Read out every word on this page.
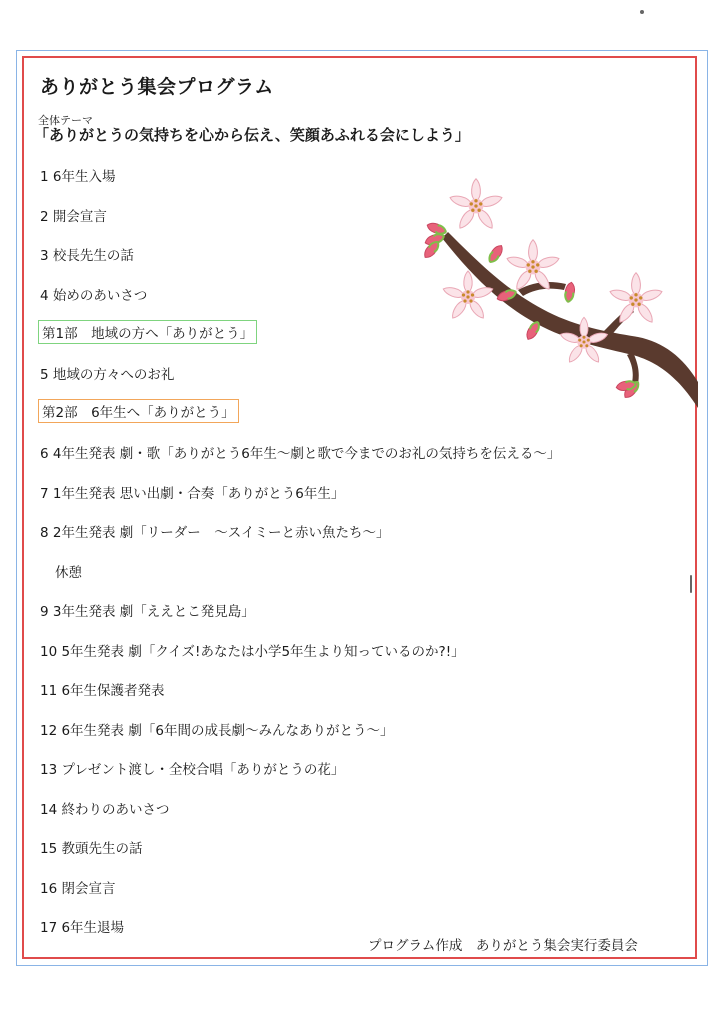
ありがとう集会プログラム
全体テーマ
「ありがとうの気持ちを心から伝え、笑顔あふれる会にしよう」
1 6年生入場
2 開会宣言
3 校長先生の話
4 始めのあいさつ
第1部　地域の方へ「ありがとう」
5 地域の方々へのお礼
第2部　6年生へ「ありがとう」
6 4年生発表 劇・歌「ありがとう6年生～劇と歌で今までのお礼の気持ちを伝える～」
7 1年生発表 思い出劇・合奏「ありがとう6年生」
8 2年生発表 劇「リーダー　～スイミーと赤い魚たち～」
休憩
9 3年生発表 劇「ええとこ発見島」
10 5年生発表 劇「クイズ!あなたは小学5年生より知っているのか?!」
11 6年生保護者発表
12 6年生発表 劇「6年間の成長劇～みんなありがとう～」
13 プレゼント渡し・全校合唱「ありがとうの花」
14 終わりのあいさつ
15 教頭先生の話
16 閉会宣言
17 6年生退場
プログラム作成　ありがとう集会実行委員会
